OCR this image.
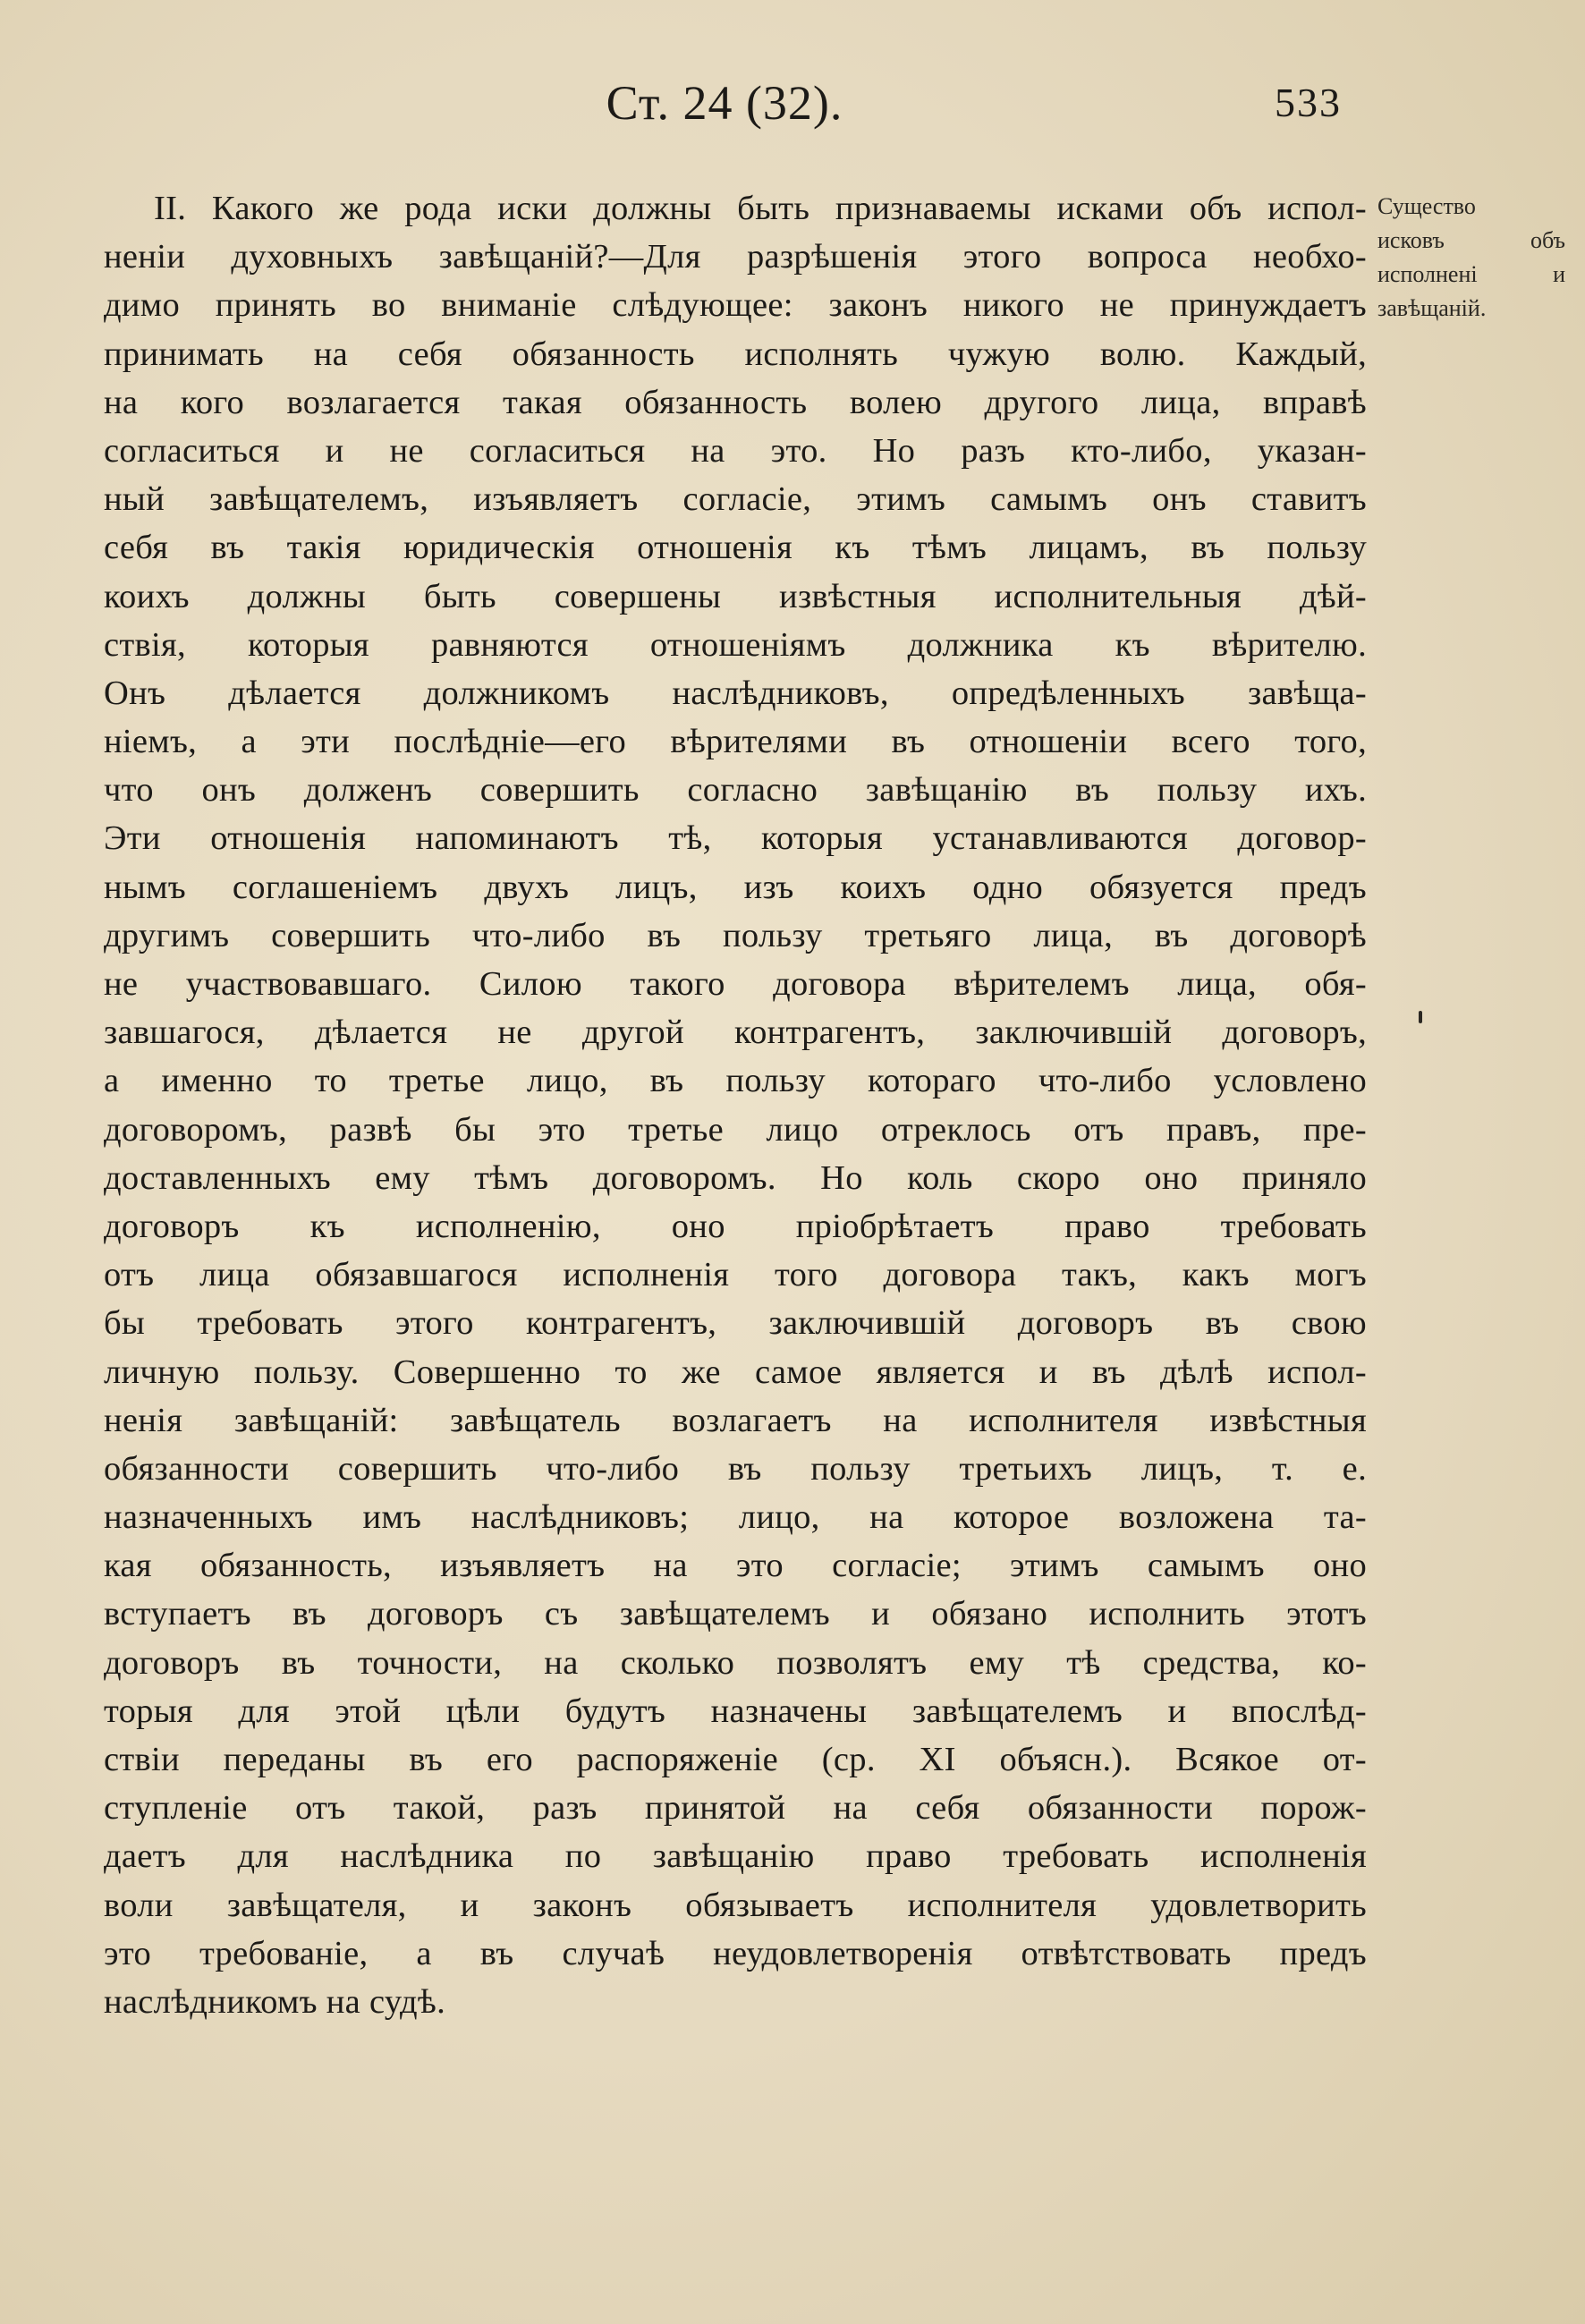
Ст. 24 (32).	533
II. Какого же рода иски должны быть признаваемы исками объ испол-
неніи духовныхъ завѣщаній?—Для разрѣшенія этого вопроса необхо-
димо принять во вниманіе слѣдующее: законъ никого не принуждаетъ
принимать на себя обязанность исполнять чужую волю. Каждый,
на кого возлагается такая обязанность волею другого лица, вправѣ
согласиться и не согласиться на это. Но разъ кто-либо, указан-
ный завѣщателемъ, изъявляетъ согласіе, этимъ самымъ онъ ставитъ
себя въ такія юридическія отношенія къ тѣмъ лицамъ, въ пользу
коихъ должны быть совершены извѣстныя исполнительныя дѣй-
ствія, которыя равняются отношеніямъ должника къ вѣрителю.
Онъ дѣлается должникомъ наслѣдниковъ, опредѣленныхъ завѣща-
ніемъ, а эти послѣдніе—его вѣрителями въ отношеніи всего того,
что онъ долженъ совершить согласно завѣщанію въ пользу ихъ.
Эти отношенія напоминаютъ тѣ, которыя устанавливаются договор-
нымъ соглашеніемъ двухъ лицъ, изъ коихъ одно обязуется предъ
другимъ совершить что-либо въ пользу третьяго лица, въ договорѣ
не участвовавшаго. Силою такого договора вѣрителемъ лица, обя-
завшагося, дѣлается не другой контрагентъ, заключившій договоръ,
а именно то третье лицо, въ пользу котораго что-либо условлено
договоромъ, развѣ бы это третье лицо отреклось отъ правъ, пре-
доставленныхъ ему тѣмъ договоромъ. Но коль скоро оно приняло
договоръ къ исполненію, оно пріобрѣтаетъ право требовать
отъ лица обязавшагося исполненія того договора такъ, какъ могъ
бы требовать этого контрагентъ, заключившій договоръ въ свою
личную пользу. Совершенно то же самое является и въ дѣлѣ испол-
ненія завѣщаній: завѣщатель возлагаетъ на исполнителя извѣстныя
обязанности совершить что-либо въ пользу третьихъ лицъ, т. е.
назначенныхъ имъ наслѣдниковъ; лицо, на которое возложена та-
кая обязанность, изъявляетъ на это согласіе; этимъ самымъ оно
вступаетъ въ договоръ съ завѣщателемъ и обязано исполнить этотъ
договоръ въ точности, на сколько позволятъ ему тѣ средства, ко-
торыя для этой цѣли будутъ назначены завѣщателемъ и впослѣд-
ствіи переданы въ его распоряженіе (ср. XI объясн.). Всякое от-
ступленіе отъ такой, разъ принятой на себя обязанности порож-
даетъ для наслѣдника по завѣщанію право требовать исполненія
воли завѣщателя, и законъ обязываетъ исполнителя удовлетворить
это требованіе, а въ случаѣ неудовлетворенія отвѣтствовать предъ
наслѣдникомъ на судѣ.
Существо
исковъ объ
исполнені и
завѣщаній.
